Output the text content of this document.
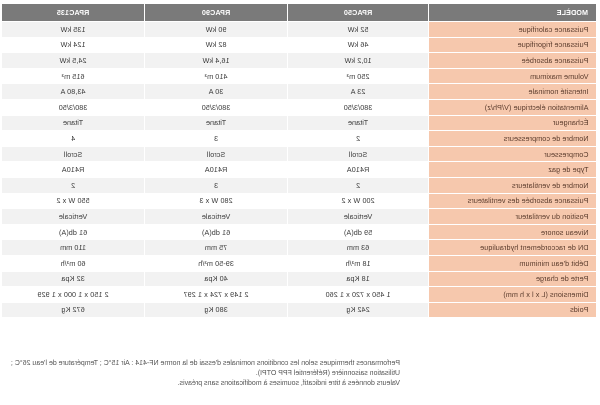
MODÈLE	RPAC50	RPAC90	RPAC135
Puissance calorifique	52 kW	90 kW	135 kW
Puissance frigorifique	46 kW	82 kW	124 kW
Puissance absorbée	10,2 kW	16,4 kW	24,5 kW
Volume maximum	250 m³	410 m³	615 m³
Intensité nominale	23 A	30 A	43,80 A
Alimentation électrique (V/Ph/z)	380/3/50	380/3/50	380/3/50
Échangeur	Titane	Titane	Titane
Nombre de compresseurs	2	3	4
Compresseur	Scroll	Scroll	Scroll
Type de gaz	R410A	R410A	R410A
Nombre de ventilateurs	2	3	2
Puissance absorbée des ventilateurs	200 W x 2	280 W x 3	550 W x 2
Position du ventilateur	Verticale	Verticale	Verticale
Niveau sonore	59 db(A)	61 db(A)	61 db(A)
DN de raccordement hydraulique	63 mm	75 mm	110 mm
Débit d'eau minimum	18 m³/h	39-50 m³/h	60 m³/h
Perte de charge	18 Kpa	40 Kpa	32 Kpa
Dimensions (L x l x h mm)	1 450 x 720 x 1 260	2 149 x 724 x 1 297	2 150 x 1 000 x 1 929
Poids	242 Kg	380 Kg	672 Kg
Performances thermiques selon les conditions nominales d'essai de la norme NF-414 : Air 15°C ; Température de l'eau 26°C ;
Utilisation saisonnière (Référentiel FPP OTPI).
Valeurs données à titre indicatif, soumises à modifications sans préavis.
